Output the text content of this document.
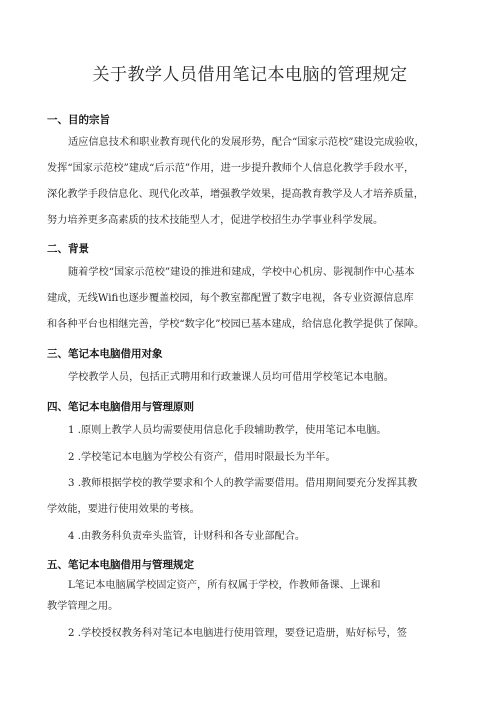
关于教学人员借用笔记本电脑的管理规定
一、目的宗旨

适应信息技术和职业教育现代化的发展形势，配合“国家示范校”建设完成验收，

发挥“国家示范校”建成“后示范”作用，进一步提升教师个人信息化教学手段水平，

深化教学手段信息化、现代化改革，增强教学效果，提高教育教学及人才培养质量，

努力培养更多高素质的技术技能型人才，促进学校招生办学事业科学发展。

二、背景

随着学校“国家示范校”建设的推进和建成，学校中心机房、影视制作中心基本

建成，无线Wifi也逐步覆盖校园，每个教室都配置了数字电视，各专业资源信息库

和各种平台也相继完善，学校“数字化”校园已基本建成，给信息化教学提供了保障。

三、笔记本电脑借用对象

学校教学人员，包括正式聘用和行政兼课人员均可借用学校笔记本电脑。

四、笔记本电脑借用与管理原则

1 .原则上教学人员均需要使用信息化手段辅助教学，使用笔记本电脑。

2 .学校笔记本电脑为学校公有资产，借用时限最长为半年。

3 .教师根据学校的教学要求和个人的教学需要借用。借用期间要充分发挥其教

学效能，要进行使用效果的考核。

4 .由教务科负责牵头监管，计财科和各专业部配合。

五、笔记本电脑借用与管理规定

L笔记本电脑属学校固定资产，所有权属于学校，作教师备课、上课和

教学管理之用。

2 .学校授权教务科对笔记本电脑进行使用管理，要登记造册，贴好标号，签
